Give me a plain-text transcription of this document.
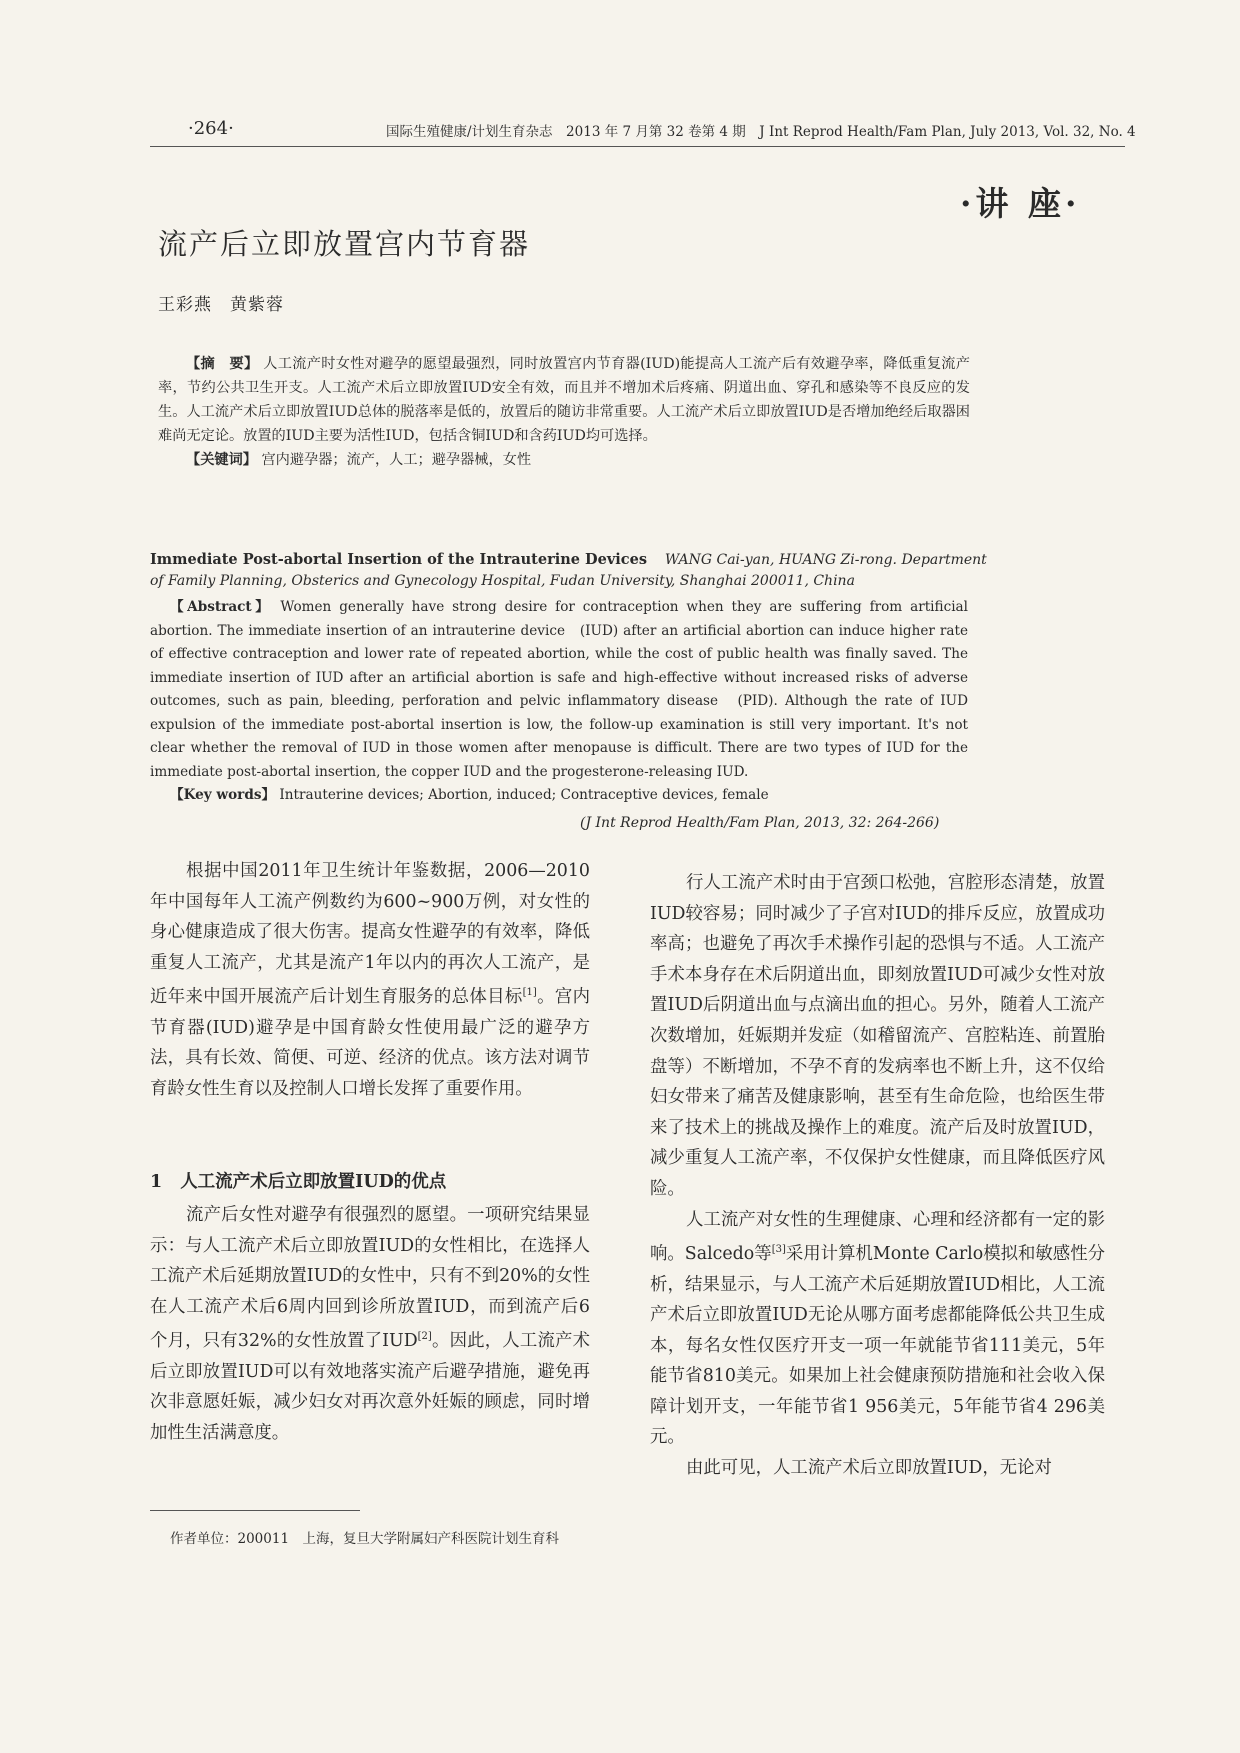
·264·	国际生殖健康/计划生育杂志　2013 年 7 月第 32 卷第 4 期　J Int Reprod Health/Fam Plan, July 2013, Vol. 32, No. 4
·讲 座·
流产后立即放置宫内节育器
王彩燕　黄紫蓉

【摘　要】 人工流产时女性对避孕的愿望最强烈，同时放置宫内节育器(IUD)能提高人工流产后有效避孕率，降低重复流产率，节约公共卫生开支。人工流产术后立即放置IUD安全有效，而且并不增加术后疼痛、阴道出血、穿孔和感染等不良反应的发生。人工流产术后立即放置IUD总体的脱落率是低的，放置后的随访非常重要。人工流产术后立即放置IUD是否增加绝经后取器困难尚无定论。放置的IUD主要为活性IUD，包括含铜IUD和含药IUD均可选择。

【关键词】 宫内避孕器；流产，人工；避孕器械，女性

Immediate Post-abortal Insertion of the Intrauterine Devices WANG Cai-yan, HUANG Zi-rong. Department
of Family Planning, Obsterics and Gynecology Hospital, Fudan University, Shanghai 200011, China

【Abstract】 Women generally have strong desire for contraception when they are suffering from artificial abortion. The immediate insertion of an intrauterine device　(IUD) after an artificial abortion can induce higher rate of effective contraception and lower rate of repeated abortion, while the cost of public health was finally saved. The immediate insertion of IUD after an artificial abortion is safe and high-effective without increased risks of adverse outcomes, such as pain, bleeding, perforation and pelvic inflammatory disease　(PID). Although the rate of IUD expulsion of the immediate post-abortal insertion is low, the follow-up examination is still very important. It's not clear whether the removal of IUD in those women after menopause is difficult. There are two types of IUD for the immediate post-abortal insertion, the copper IUD and the progesterone-releasing IUD.

【Key words】 Intrauterine devices; Abortion, induced; Contraceptive devices, female

(J Int Reprod Health/Fam Plan, 2013, 32: 264-266)

根据中国2011年卫生统计年鉴数据，2006—2010年中国每年人工流产例数约为600~900万例，对女性的身心健康造成了很大伤害。提高女性避孕的有效率，降低重复人工流产，尤其是流产1年以内的再次人工流产，是近年来中国开展流产后计划生育服务的总体目标[1]。宫内节育器(IUD)避孕是中国育龄女性使用最广泛的避孕方法，具有长效、简便、可逆、经济的优点。该方法对调节育龄女性生育以及控制人口增长发挥了重要作用。

1 人工流产术后立即放置IUD的优点

流产后女性对避孕有很强烈的愿望。一项研究结果显示：与人工流产术后立即放置IUD的女性相比，在选择人工流产术后延期放置IUD的女性中，只有不到20%的女性在人工流产术后6周内回到诊所放置IUD，而到流产后6个月，只有32%的女性放置了IUD[2]。因此，人工流产术后立即放置IUD可以有效地落实流产后避孕措施，避免再次非意愿妊娠，减少妇女对再次意外妊娠的顾虑，同时增加性生活满意度。

行人工流产术时由于宫颈口松弛，宫腔形态清楚，放置IUD较容易；同时减少了子宫对IUD的排斥反应，放置成功率高；也避免了再次手术操作引起的恐惧与不适。人工流产手术本身存在术后阴道出血，即刻放置IUD可减少女性对放置IUD后阴道出血与点滴出血的担心。另外，随着人工流产次数增加，妊娠期并发症（如稽留流产、宫腔粘连、前置胎盘等）不断增加，不孕不育的发病率也不断上升，这不仅给妇女带来了痛苦及健康影响，甚至有生命危险，也给医生带来了技术上的挑战及操作上的难度。流产后及时放置IUD，减少重复人工流产率，不仅保护女性健康，而且降低医疗风险。

人工流产对女性的生理健康、心理和经济都有一定的影响。Salcedo等[3]采用计算机Monte Carlo模拟和敏感性分析，结果显示，与人工流产术后延期放置IUD相比，人工流产术后立即放置IUD无论从哪方面考虑都能降低公共卫生成本，每名女性仅医疗开支一项一年就能节省111美元，5年能节省810美元。如果加上社会健康预防措施和社会收入保障计划开支，一年能节省1 956美元，5年能节省4 296美元。

由此可见，人工流产术后立即放置IUD，无论对

作者单位：200011　上海，复旦大学附属妇产科医院计划生育科
